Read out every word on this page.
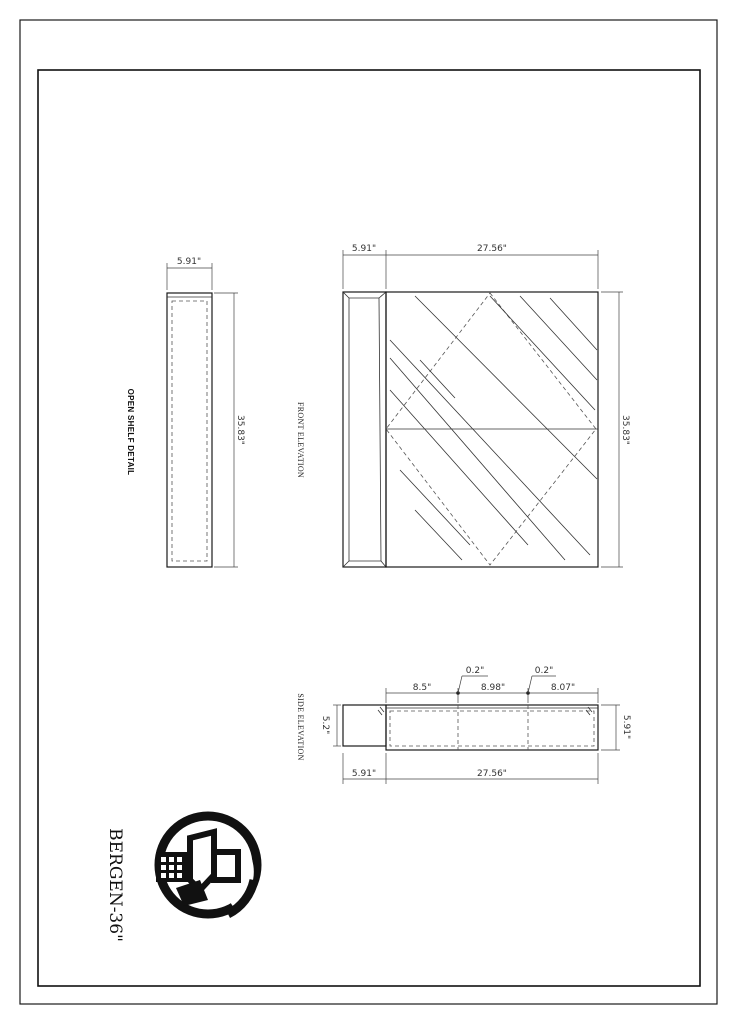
5.91"
35.83"
OPEN SHELF DETAIL
5.91"	27.56"
35.83"
FRONT ELEVATION
8.5"	8.98"	8.07"
0.2"	0.2"
5.2"	5.91"
5.91"	27.56"
SIDE ELEVATION
BERGEN-36"
